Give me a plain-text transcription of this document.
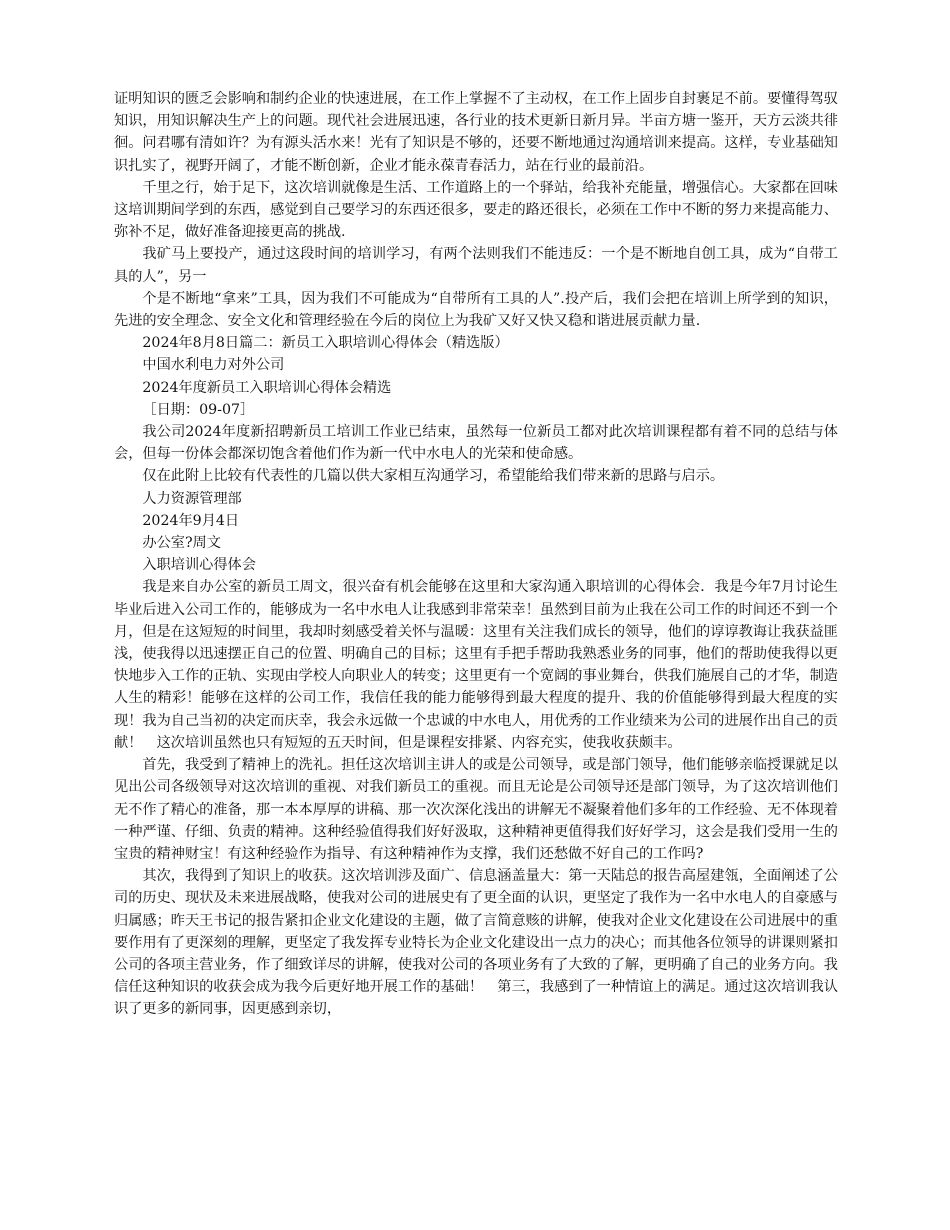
证明知识的匮乏会影响和制约企业的快速进展，在工作上掌握不了主动权，在工作上固步自封裹足不前。要懂得驾驭知识，用知识解决生产上的问题。现代社会进展迅速，各行业的技术更新日新月异。半亩方塘一鉴开，天方云淡共徘徊。问君哪有清如许？为有源头活水来！光有了知识是不够的，还要不断地通过沟通培训来提高。这样，专业基础知识扎实了，视野开阔了，才能不断创新，企业才能永葆青春活力，站在行业的最前沿。

千里之行，始于足下，这次培训就像是生活、工作道路上的一个驿站，给我补充能量，增强信心。大家都在回味这培训期间学到的东西，感觉到自己要学习的东西还很多，要走的路还很长，必须在工作中不断的努力来提高能力、弥补不足，做好准备迎接更高的挑战.

我矿马上要投产，通过这段时间的培训学习，有两个法则我们不能违反：一个是不断地自创工具，成为“自带工具的人”，另一

个是不断地“拿来”工具，因为我们不可能成为“自带所有工具的人”.投产后，我们会把在培训上所学到的知识，先进的安全理念、安全文化和管理经验在今后的岗位上为我矿又好又快又稳和谐进展贡献力量.

2024年8月8日篇二：新员工入职培训心得体会（精选版）

中国水利电力对外公司

2024年度新员工入职培训心得体会精选

［日期：09-07］

我公司2024年度新招聘新员工培训工作业已结束，虽然每一位新员工都对此次培训课程都有着不同的总结与体会，但每一份体会都深切饱含着他们作为新一代中水电人的光荣和使命感。

仅在此附上比较有代表性的几篇以供大家相互沟通学习，希望能给我们带来新的思路与启示。

人力资源管理部

2024年9月4日

办公室?周文

入职培训心得体会

我是来自办公室的新员工周文，很兴奋有机会能够在这里和大家沟通入职培训的心得体会．我是今年7月讨论生毕业后进入公司工作的，能够成为一名中水电人让我感到非常荣幸！虽然到目前为止我在公司工作的时间还不到一个月，但是在这短短的时间里，我却时刻感受着关怀与温暖：这里有关注我们成长的领导，他们的谆谆教诲让我获益匪浅，使我得以迅速摆正自己的位置、明确自己的目标；这里有手把手帮助我熟悉业务的同事，他们的帮助使我得以更快地步入工作的正轨、实现由学校人向职业人的转变；这里更有一个宽阔的事业舞台，供我们施展自己的才华，制造人生的精彩！能够在这样的公司工作，我信任我的能力能够得到最大程度的提升、我的价值能够得到最大程度的实现！我为自己当初的决定而庆幸，我会永远做一个忠诚的中水电人，用优秀的工作业绩来为公司的进展作出自己的贡献！　这次培训虽然也只有短短的五天时间，但是课程安排紧、内容充实，使我收获颇丰。

首先，我受到了精神上的洗礼。担任这次培训主讲人的或是公司领导，或是部门领导，他们能够亲临授课就足以见出公司各级领导对这次培训的重视、对我们新员工的重视。而且无论是公司领导还是部门领导，为了这次培训他们无不作了精心的准备，那一本本厚厚的讲稿、那一次次深化浅出的讲解无不凝聚着他们多年的工作经验、无不体现着一种严谨、仔细、负责的精神。这种经验值得我们好好汲取，这种精神更值得我们好好学习，这会是我们受用一生的宝贵的精神财宝！有这种经验作为指导、有这种精神作为支撑，我们还愁做不好自己的工作吗?

其次，我得到了知识上的收获。这次培训涉及面广、信息涵盖量大：第一天陆总的报告高屋建瓴，全面阐述了公司的历史、现状及未来进展战略，使我对公司的进展史有了更全面的认识，更坚定了我作为一名中水电人的自豪感与归属感；昨天王书记的报告紧扣企业文化建设的主题，做了言简意赅的讲解，使我对企业文化建设在公司进展中的重要作用有了更深刻的理解，更坚定了我发挥专业特长为企业文化建设出一点力的决心；而其他各位领导的讲课则紧扣公司的各项主营业务，作了细致详尽的讲解，使我对公司的各项业务有了大致的了解，更明确了自己的业务方向。我信任这种知识的收获会成为我今后更好地开展工作的基础！　第三，我感到了一种情谊上的满足。通过这次培训我认识了更多的新同事，因更感到亲切，
